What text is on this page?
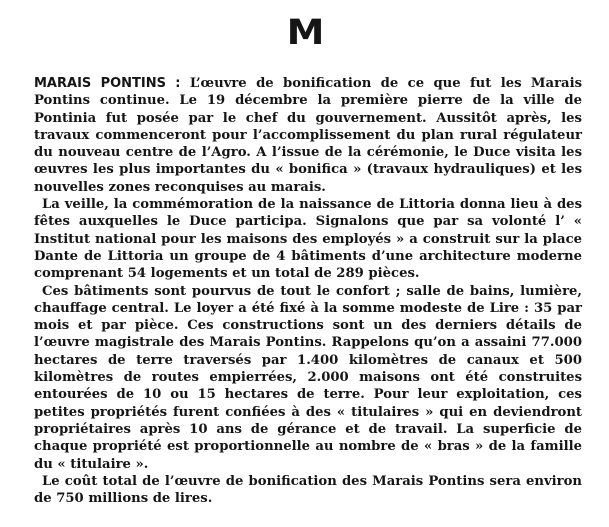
M

MARAIS PONTINS : L’œuvre de bonification de ce que fut les Marais Pontins continue. Le 19 décembre la première pierre de la ville de Pontinia fut posée par le chef du gouvernement. Aussitôt après, les travaux commenceront pour l’accomplissement du plan rural régulateur du nouveau centre de l’Agro. A l’issue de la cérémonie, le Duce visita les œuvres les plus importantes du « bonifica » (travaux hydrauliques) et les nouvelles zones reconquises au marais.

La veille, la commémoration de la naissance de Littoria donna lieu à des fêtes auxquelles le Duce participa. Signalons que par sa volonté l’ « Institut national pour les maisons des employés » a construit sur la place Dante de Littoria un groupe de 4 bâtiments d’une architecture moderne comprenant 54 logements et un total de 289 pièces.

Ces bâtiments sont pourvus de tout le confort ; salle de bains, lumière, chauffage central. Le loyer a été fixé à la somme modeste de Lire : 35 par mois et par pièce. Ces constructions sont un des derniers détails de l’œuvre magistrale des Marais Pontins. Rappelons qu’on a assaini 77.000 hectares de terre traversés par 1.400 kilomètres de canaux et 500 kilomètres de routes empierrées, 2.000 maisons ont été construites entourées de 10 ou 15 hectares de terre. Pour leur exploitation, ces petites propriétés furent confiées à des « titulaires » qui en deviendront propriétaires après 10 ans de gérance et de travail. La superficie de chaque propriété est proportionnelle au nombre de « bras » de la famille du « titulaire ».

Le coût total de l’œuvre de bonification des Marais Pontins sera environ de 750 millions de lires.
